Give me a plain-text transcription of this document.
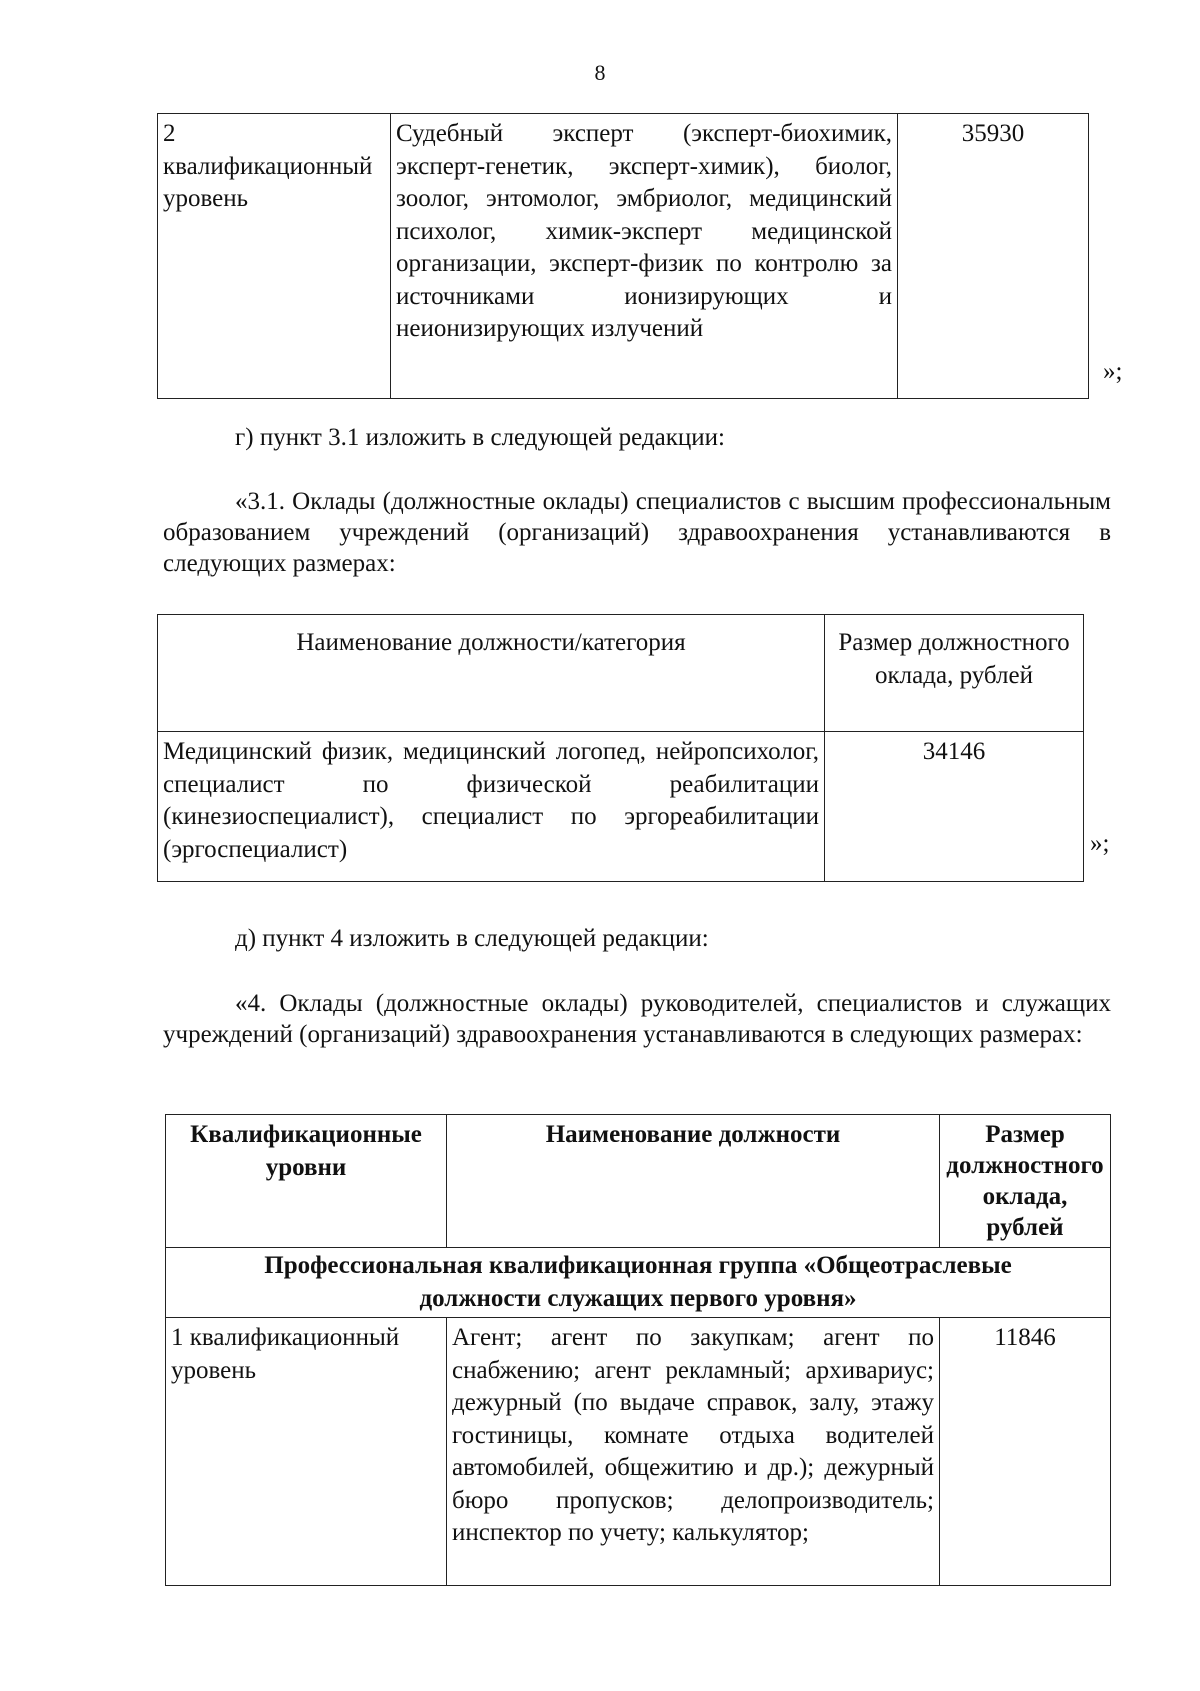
8
2
квалификационный
уровень	Судебный эксперт (эксперт-биохимик, эксперт-генетик, эксперт-химик), биолог, зоолог, энтомолог, эмбриолог, медицинский психолог, химик-эксперт медицинской организации, эксперт-физик по контролю за источниками ионизирующих и неионизирующих излучений	35930
»;
г) пункт 3.1 изложить в следующей редакции:
«3.1. Оклады (должностные оклады) специалистов с высшим профессиональным образованием учреждений (организаций) здравоохранения устанавливаются в следующих размерах:
Наименование должности/категория	Размер должностного оклада, рублей
Медицинский физик, медицинский логопед, нейропсихолог, специалист по физической реабилитации (кинезиоспециалист), специалист по эргореабилитации (эргоспециалист)	34146
»;
д) пункт 4 изложить в следующей редакции:
«4. Оклады (должностные оклады) руководителей, специалистов и служащих учреждений (организаций) здравоохранения устанавливаются в следующих размерах:
Квалификационные уровни	Наименование должности	Размер должностного оклада, рублей
Профессиональная квалификационная группа «Общеотраслевые должности служащих первого уровня»		
1 квалификационный уровень	Агент; агент по закупкам; агент по снабжению; агент рекламный; архивариус; дежурный (по выдаче справок, залу, этажу гостиницы, комнате отдыха водителей автомобилей, общежитию и др.); дежурный бюро пропусков; делопроизводитель; инспектор по учету; калькулятор;	11846
